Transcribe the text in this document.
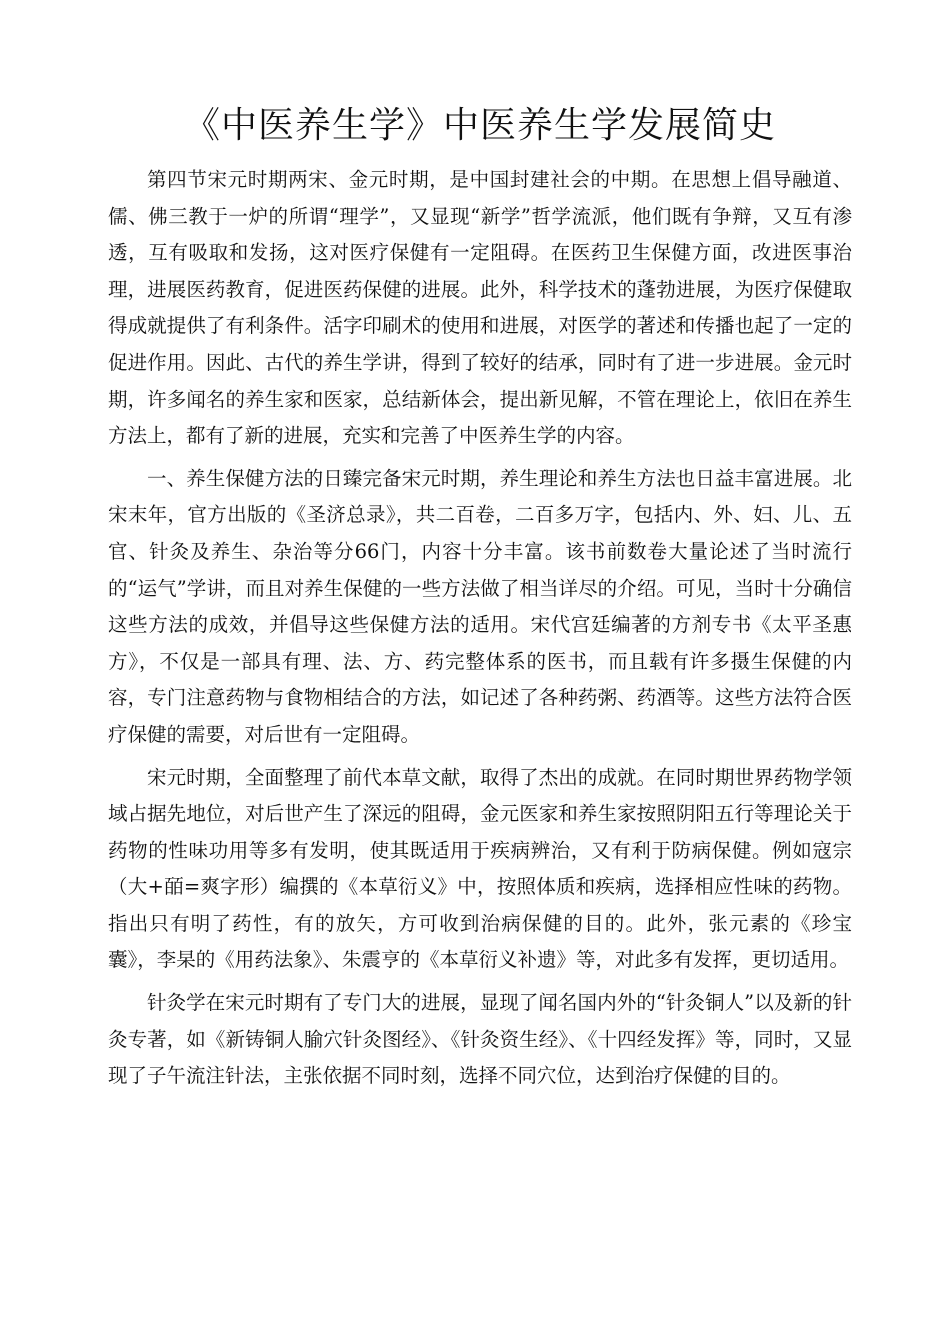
《中医养生学》中医养生学发展简史

第四节宋元时期两宋、金元时期，是中国封建社会的中期。在思想上倡导融道、儒、佛三教于一炉的所谓“理学”，又显现“新学”哲学流派，他们既有争辩，又互有渗透，互有吸取和发扬，这对医疗保健有一定阻碍。在医药卫生保健方面，改进医事治理，进展医药教育，促进医药保健的进展。此外，科学技术的蓬勃进展，为医疗保健取得成就提供了有利条件。活字印刷术的使用和进展，对医学的著述和传播也起了一定的促进作用。因此、古代的养生学讲，得到了较好的结承，同时有了进一步进展。金元时期，许多闻名的养生家和医家，总结新体会，提出新见解，不管在理论上，依旧在养生方法上，都有了新的进展，充实和完善了中医养生学的内容。

一、养生保健方法的日臻完备宋元时期，养生理论和养生方法也日益丰富进展。北宋末年，官方出版的《圣济总录》，共二百卷，二百多万字，包括内、外、妇、儿、五官、针灸及养生、杂治等分66门，内容十分丰富。该书前数卷大量论述了当时流行的“运气”学讲，而且对养生保健的一些方法做了相当详尽的介绍。可见，当时十分确信这些方法的成效，并倡导这些保健方法的适用。宋代宫廷编著的方剂专书《太平圣惠方》，不仅是一部具有理、法、方、药完整体系的医书，而且载有许多摄生保健的内容，专门注意药物与食物相结合的方法，如记述了各种药粥、药酒等。这些方法符合医疗保健的需要，对后世有一定阻碍。

宋元时期，全面整理了前代本草文献，取得了杰出的成就。在同时期世界药物学领域占据先地位，对后世产生了深远的阻碍，金元医家和养生家按照阴阳五行等理论关于药物的性味功用等多有发明，使其既适用于疾病辨治，又有利于防病保健。例如寇宗（大+皕=爽字形）编撰的《本草衍义》中，按照体质和疾病，选择相应性味的药物。指出只有明了药性，有的放矢，方可收到治病保健的目的。此外，张元素的《珍宝囊》，李杲的《用药法象》、朱震亨的《本草衍义补遗》等，对此多有发挥，更切适用。

针灸学在宋元时期有了专门大的进展，显现了闻名国内外的“针灸铜人”以及新的针灸专著，如《新铸铜人腧穴针灸图经》、《针灸资生经》、《十四经发挥》等，同时，又显现了子午流注针法，主张依据不同时刻，选择不同穴位，达到治疗保健的目的。
